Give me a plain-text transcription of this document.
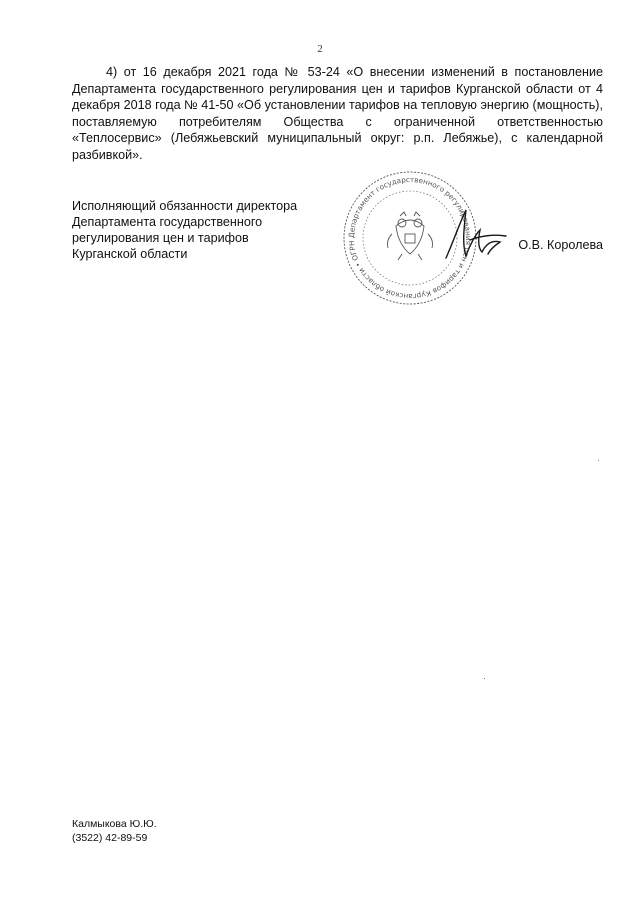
2
4) от 16 декабря 2021 года № 53-24 «О внесении изменений в постановление Департамента государственного регулирования цен и тарифов Курганской области от 4 декабря 2018 года № 41-50 «Об установлении тарифов на тепловую энергию (мощность), поставляемую потребителям Общества с ограниченной ответственностью «Теплосервис» (Лебяжьевский муниципальный округ: р.п. Лебяжье), с календарной разбивкой».
Исполняющий обязанности директора
Департамента государственного
регулирования цен и тарифов
Курганской области
Департамент государственного регулирования цен и тарифов Курганской области • ОГРН	О.В. Королева
Калмыкова Ю.Ю.
(3522) 42-89-59
